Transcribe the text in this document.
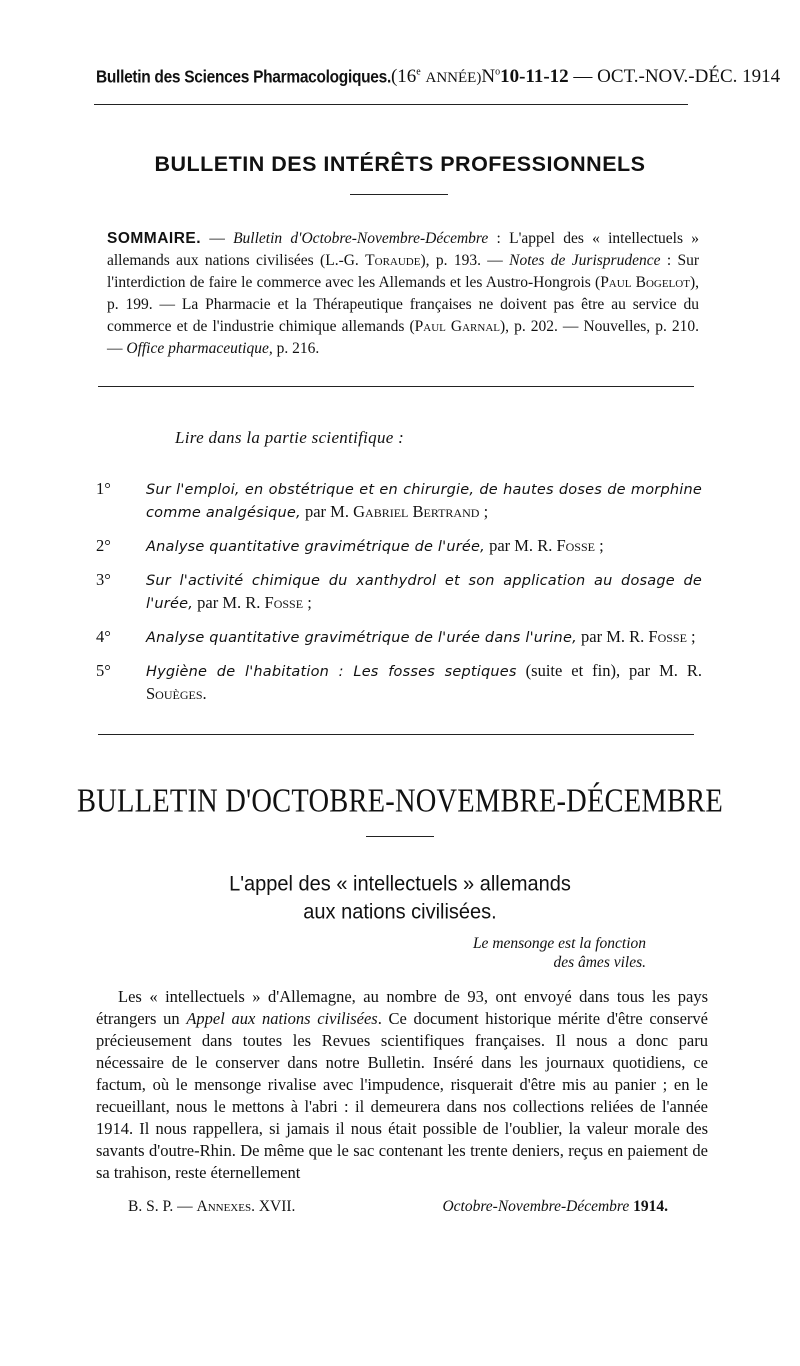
Bulletin des Sciences Pharmacologiques. (16e ANNÉE) $N^o10-11-12$ — OCT.-NOV.-DÉC. 1914
BULLETIN DES INTÉRÊTS PROFESSIONNELS
SOMMAIRE. — Bulletin d'Octobre-Novembre-Décembre : L'appel des « intellectuels » allemands aux nations civilisées (L.-G. Toraude), p. 193. — Notes de Jurisprudence : Sur l'interdiction de faire le commerce avec les Allemands et les Austro-Hongrois (Paul Bogelot), p. 199. — La Pharmacie et la Thérapeutique françaises ne doivent pas être au service du commerce et de l'industrie chimique allemands (Paul Garnal), p. 202. — Nouvelles, p. 210. — Office pharmaceutique, p. 216.
Lire dans la partie scientifique :
1° Sur l'emploi, en obstétrique et en chirurgie, de hautes doses de morphine comme analgésique, par M. Gabriel Bertrand ;
2° Analyse quantitative gravimétrique de l'urée, par M. R. Fosse ;
3° Sur l'activité chimique du xanthydrol et son application au dosage de l'urée, par M. R. Fosse ;
4° Analyse quantitative gravimétrique de l'urée dans l'urine, par M. R. Fosse ;
5° Hygiène de l'habitation : Les fosses septiques (suite et fin), par M. R. Souèges.
BULLETIN D'OCTOBRE-NOVEMBRE-DÉCEMBRE
L'appel des « intellectuels » allemands
aux nations civilisées.
Le mensonge est la fonction
des âmes viles.

Les « intellectuels » d'Allemagne, au nombre de 93, ont envoyé dans tous les pays étrangers un Appel aux nations civilisées. Ce document historique mérite d'être conservé précieusement dans toutes les Revues scientifiques françaises. Il nous a donc paru nécessaire de le conserver dans notre Bulletin. Inséré dans les journaux quotidiens, ce factum, où le mensonge rivalise avec l'impudence, risquerait d'être mis au panier ; en le recueillant, nous le mettons à l'abri : il demeurera dans nos collections reliées de l'année 1914. Il nous rappellera, si jamais il nous était possible de l'oublier, la valeur morale des savants d'outre-Rhin. De même que le sac contenant les trente deniers, reçus en paiement de sa trahison, reste éternellement

B. S. P. — Annexes. XVII.	Octobre-Novembre-Décembre 1914.
